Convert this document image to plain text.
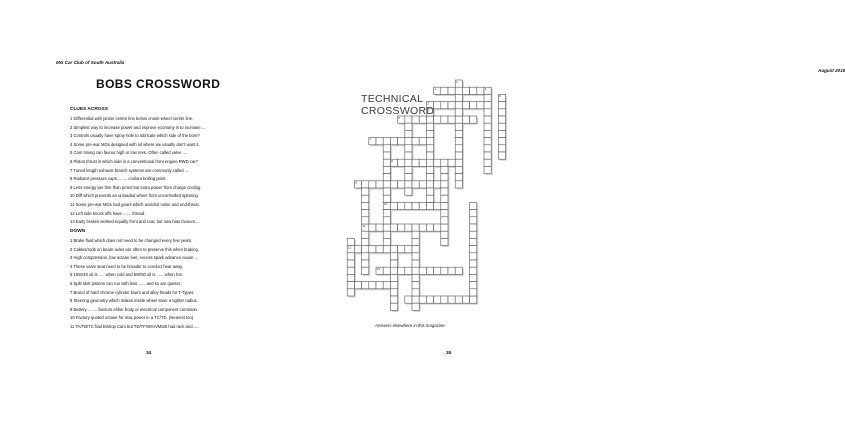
MG Car Club of South Australia
BOBS CROSSWORD
CLUES ACROSS
1 Differential with pinion centre line below crown-wheel centre line.
2 Simplest way to increase power and improve economy is to increase....
3 Controls usually have spray hole to lubricate which side of the bore?
4 Some pre-war MGs designed with oil where we usually don't want it.
5 Cam timing can favour high or low revs. Often called valve .....
6 Piston thrust is which side in a conventional front engine RWD car?
7 Tuned length exhaust branch systems are commonly called ....
8 Radiator pressure caps......... coolant boiling point.
9 Less energy per litre than petrol but extra power from charge cooling.
10 Diff which prevents an unloaded wheel from uncontrolled spinning.
11 Some pre-war MGs had gears which avoided noise and end-thrust.
12 Left side knock offs have ....... thread.
13 Early brakes worked equally front and rear, but now bias favours....
DOWN
1 Brake fluid which does not need to be changed every few years.
2 Cables/rods on beam axles are often to preserve this when braking.
3 High compression, low octane fuel, excess spark advance cause ...
4 These valve seat need to be broader to conduct heat away.
5 15W/40 oil is ..... when cold and 5W/50 oil is ...... when hot.
6 Split skirt pistons can run with less ...... and so are quieter.
7 Brand of hard chrome cylinder liners and alloy heads for T-Types.
8 Steering geometry which makes inside wheel steer a tighter radius.
9 Battery ........ favours either body or electrical component corrosion.
10 Factory quoted octane for max power in a TC/TD. (Nearest ten)
11 TA/TB/TC had Bishop Cam but TD/TF/MGA/MGB had rack and......
34
August 2019
1
2
3
4
5
6
7
8
9
10
11
12
13
TECHNICAL
CROSSWORD
Answers elsewhere in this magazine
35
